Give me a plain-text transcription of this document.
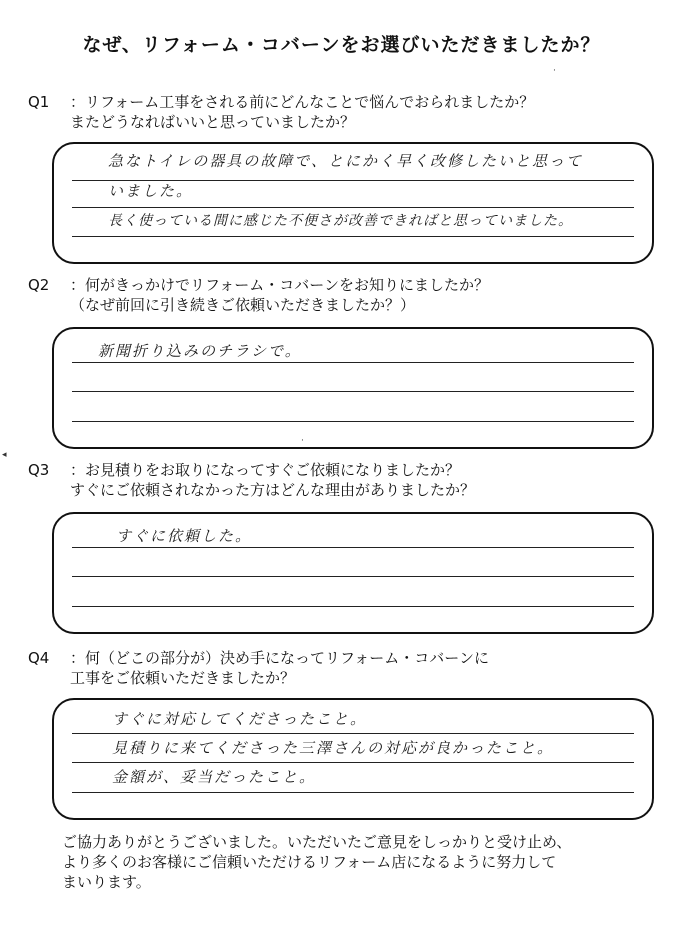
なぜ、リフォーム・コバーンをお選びいただきましたか？
Q1 ：リフォーム工事をされる前にどんなことで悩んでおられましたか？
またどうなればいいと思っていましたか？
急なトイレの器具の故障で、とにかく早く改修したいと思って
いました。
長く使っている間に感じた不便さが改善できればと思っていました。
Q2 ：何がきっかけでリフォーム・コバーンをお知りにましたか？
（なぜ前回に引き続きご依頼いただきましたか？）
新聞折り込みのチラシで。
Q3 ：お見積りをお取りになってすぐご依頼になりましたか？
すぐにご依頼されなかった方はどんな理由がありましたか？
すぐに依頼した。
Q4 ：何（どこの部分が）決め手になってリフォーム・コバーンに
工事をご依頼いただきましたか？
すぐに対応してくださったこと。
見積りに来てくださった三澤さんの対応が良かったこと。
金額が、妥当だったこと。
ご協力ありがとうございました。いただいたご意見をしっかりと受け止め、
より多くのお客様にご信頼いただけるリフォーム店になるように努力して
まいります。
·
·
◂
